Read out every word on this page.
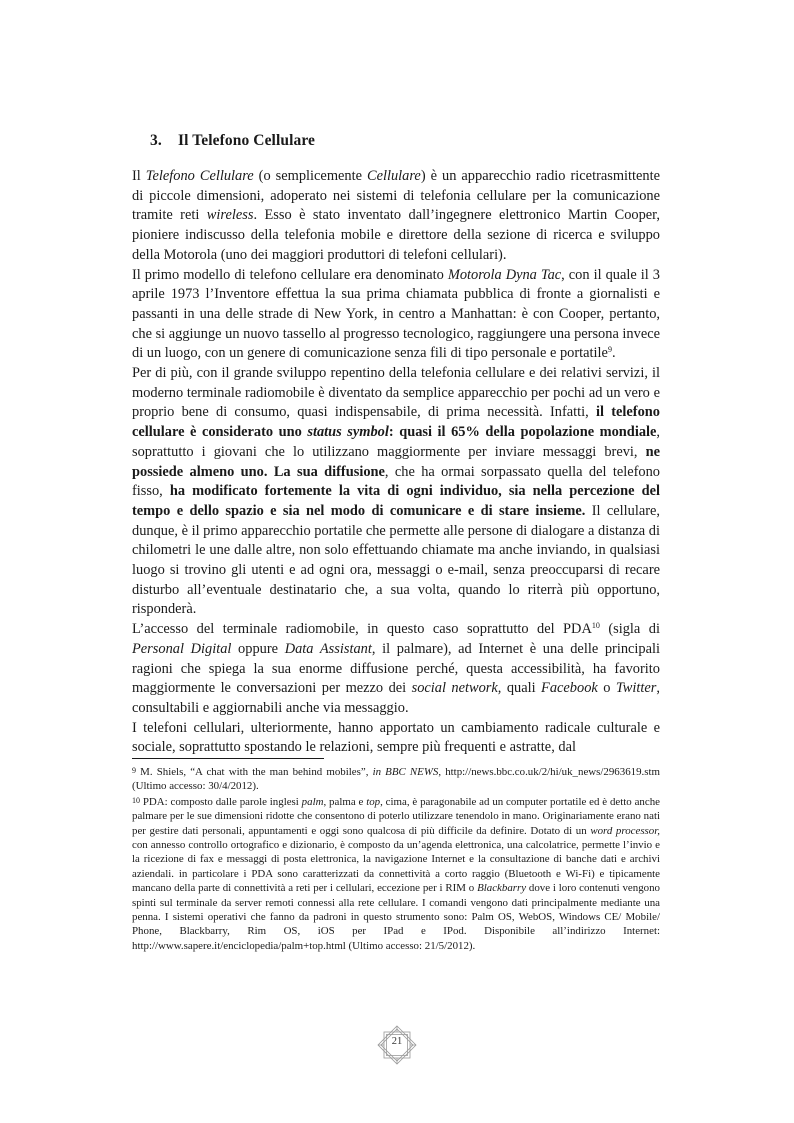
3. Il Telefono Cellulare

Il Telefono Cellulare (o semplicemente Cellulare) è un apparecchio radio ricetrasmittente di piccole dimensioni, adoperato nei sistemi di telefonia cellulare per la comunicazione tramite reti wireless. Esso è stato inventato dall’ingegnere elettronico Martin Cooper, pioniere indiscusso della telefonia mobile e direttore della sezione di ricerca e sviluppo della Motorola (uno dei maggiori produttori di telefoni cellulari).

Il primo modello di telefono cellulare era denominato Motorola Dyna Tac, con il quale il 3 aprile 1973 l’Inventore effettua la sua prima chiamata pubblica di fronte a giornalisti e passanti in una delle strade di New York, in centro a Manhattan: è con Cooper, pertanto, che si aggiunge un nuovo tassello al progresso tecnologico, raggiungere una persona invece di un luogo, con un genere di comunicazione senza fili di tipo personale e portatile$^9$.

Per di più, con il grande sviluppo repentino della telefonia cellulare e dei relativi servizi, il moderno terminale radiomobile è diventato da semplice apparecchio per pochi ad un vero e proprio bene di consumo, quasi indispensabile, di prima necessità. Infatti, il telefono cellulare è considerato uno status symbol: quasi il 65% della popolazione mondiale, soprattutto i giovani che lo utilizzano maggiormente per inviare messaggi brevi, ne possiede almeno uno. La sua diffusione, che ha ormai sorpassato quella del telefono fisso, ha modificato fortemente la vita di ogni individuo, sia nella percezione del tempo e dello spazio e sia nel modo di comunicare e di stare insieme. Il cellulare, dunque, è il primo apparecchio portatile che permette alle persone di dialogare a distanza di chilometri le une dalle altre, non solo effettuando chiamate ma anche inviando, in qualsiasi luogo si trovino gli utenti e ad ogni ora, messaggi o e-mail, senza preoccuparsi di recare disturbo all’eventuale destinatario che, a sua volta, quando lo riterrà più opportuno, risponderà.

L’accesso del terminale radiomobile, in questo caso soprattutto del PDA$^{10}$ (sigla di Personal Digital oppure Data Assistant, il palmare), ad Internet è una delle principali ragioni che spiega la sua enorme diffusione perché, questa accessibilità, ha favorito maggiormente le conversazioni per mezzo dei social network, quali Facebook o Twitter, consultabili e aggiornabili anche via messaggio.

I telefoni cellulari, ulteriormente, hanno apportato un cambiamento radicale culturale e sociale, soprattutto spostando le relazioni, sempre più frequenti e astratte, dal

9 M. Shiels, “A chat with the man behind mobiles”, in BBC NEWS, http://news.bbc.co.uk/2/hi/uk_news/2963619.stm (Ultimo accesso: 30/4/2012).

10 PDA: composto dalle parole inglesi palm, palma e top, cima, è paragonabile ad un computer portatile ed è detto anche palmare per le sue dimensioni ridotte che consentono di poterlo utilizzare tenendolo in mano. Originariamente erano nati per gestire dati personali, appuntamenti e oggi sono qualcosa di più difficile da definire. Dotato di un word processor, con annesso controllo ortografico e dizionario, è composto da un’agenda elettronica, una calcolatrice, permette l’invio e la ricezione di fax e messaggi di posta elettronica, la navigazione Internet e la consultazione di banche dati e archivi aziendali. in particolare i PDA sono caratterizzati da connettività a corto raggio (Bluetooth e Wi-Fi) e tipicamente mancano della parte di connettività a reti per i cellulari, eccezione per i RIM o Blackbarry dove i loro contenuti vengono spinti sul terminale da server remoti connessi alla rete cellulare. I comandi vengono dati principalmente mediante una penna. I sistemi operativi che fanno da padroni in questo strumento sono: Palm OS, WebOS, Windows CE/ Mobile/ Phone, Blackbarry, Rim OS, iOS per IPad e IPod. Disponibile all’indirizzo Internet: http://www.sapere.it/enciclopedia/palm+top.html (Ultimo accesso: 21/5/2012).

21
